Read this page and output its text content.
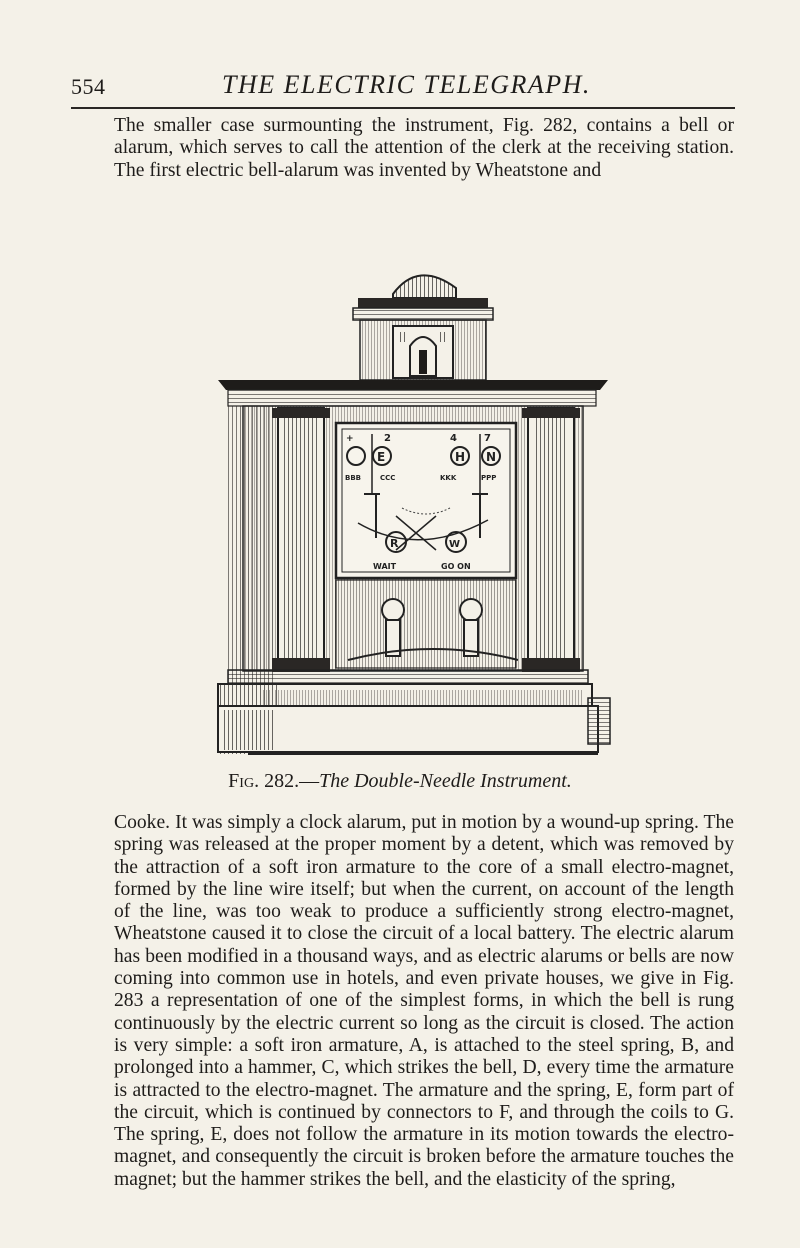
554	THE ELECTRIC TELEGRAPH.

The smaller case surmounting the instrument, Fig. 282, contains a bell or alarum, which serves to call the attention of the clerk at the receiving station. The first electric bell-alarum was invented by Wheatstone and

+	2	4	7
E	H N
BBB	CCC	KKK	PPP
R	W
WAIT	GO ON
Fig. 282.—The Double-Needle Instrument.

Cooke. It was simply a clock alarum, put in motion by a wound-up spring. The spring was released at the proper moment by a detent, which was removed by the attraction of a soft iron armature to the core of a small electro-magnet, formed by the line wire itself; but when the current, on account of the length of the line, was too weak to produce a sufficiently strong electro-magnet, Wheatstone caused it to close the circuit of a local battery. The electric alarum has been modified in a thousand ways, and as electric alarums or bells are now coming into common use in hotels, and even private houses, we give in Fig. 283 a representation of one of the simplest forms, in which the bell is rung continuously by the electric current so long as the circuit is closed. The action is very simple: a soft iron armature, A, is attached to the steel spring, B, and prolonged into a hammer, C, which strikes the bell, D, every time the armature is attracted to the electro-magnet. The armature and the spring, E, form part of the circuit, which is continued by connectors to F, and through the coils to G. The spring, E, does not follow the armature in its motion towards the electro-magnet, and consequently the circuit is broken before the armature touches the magnet; but the hammer strikes the bell, and the elasticity of the spring,
